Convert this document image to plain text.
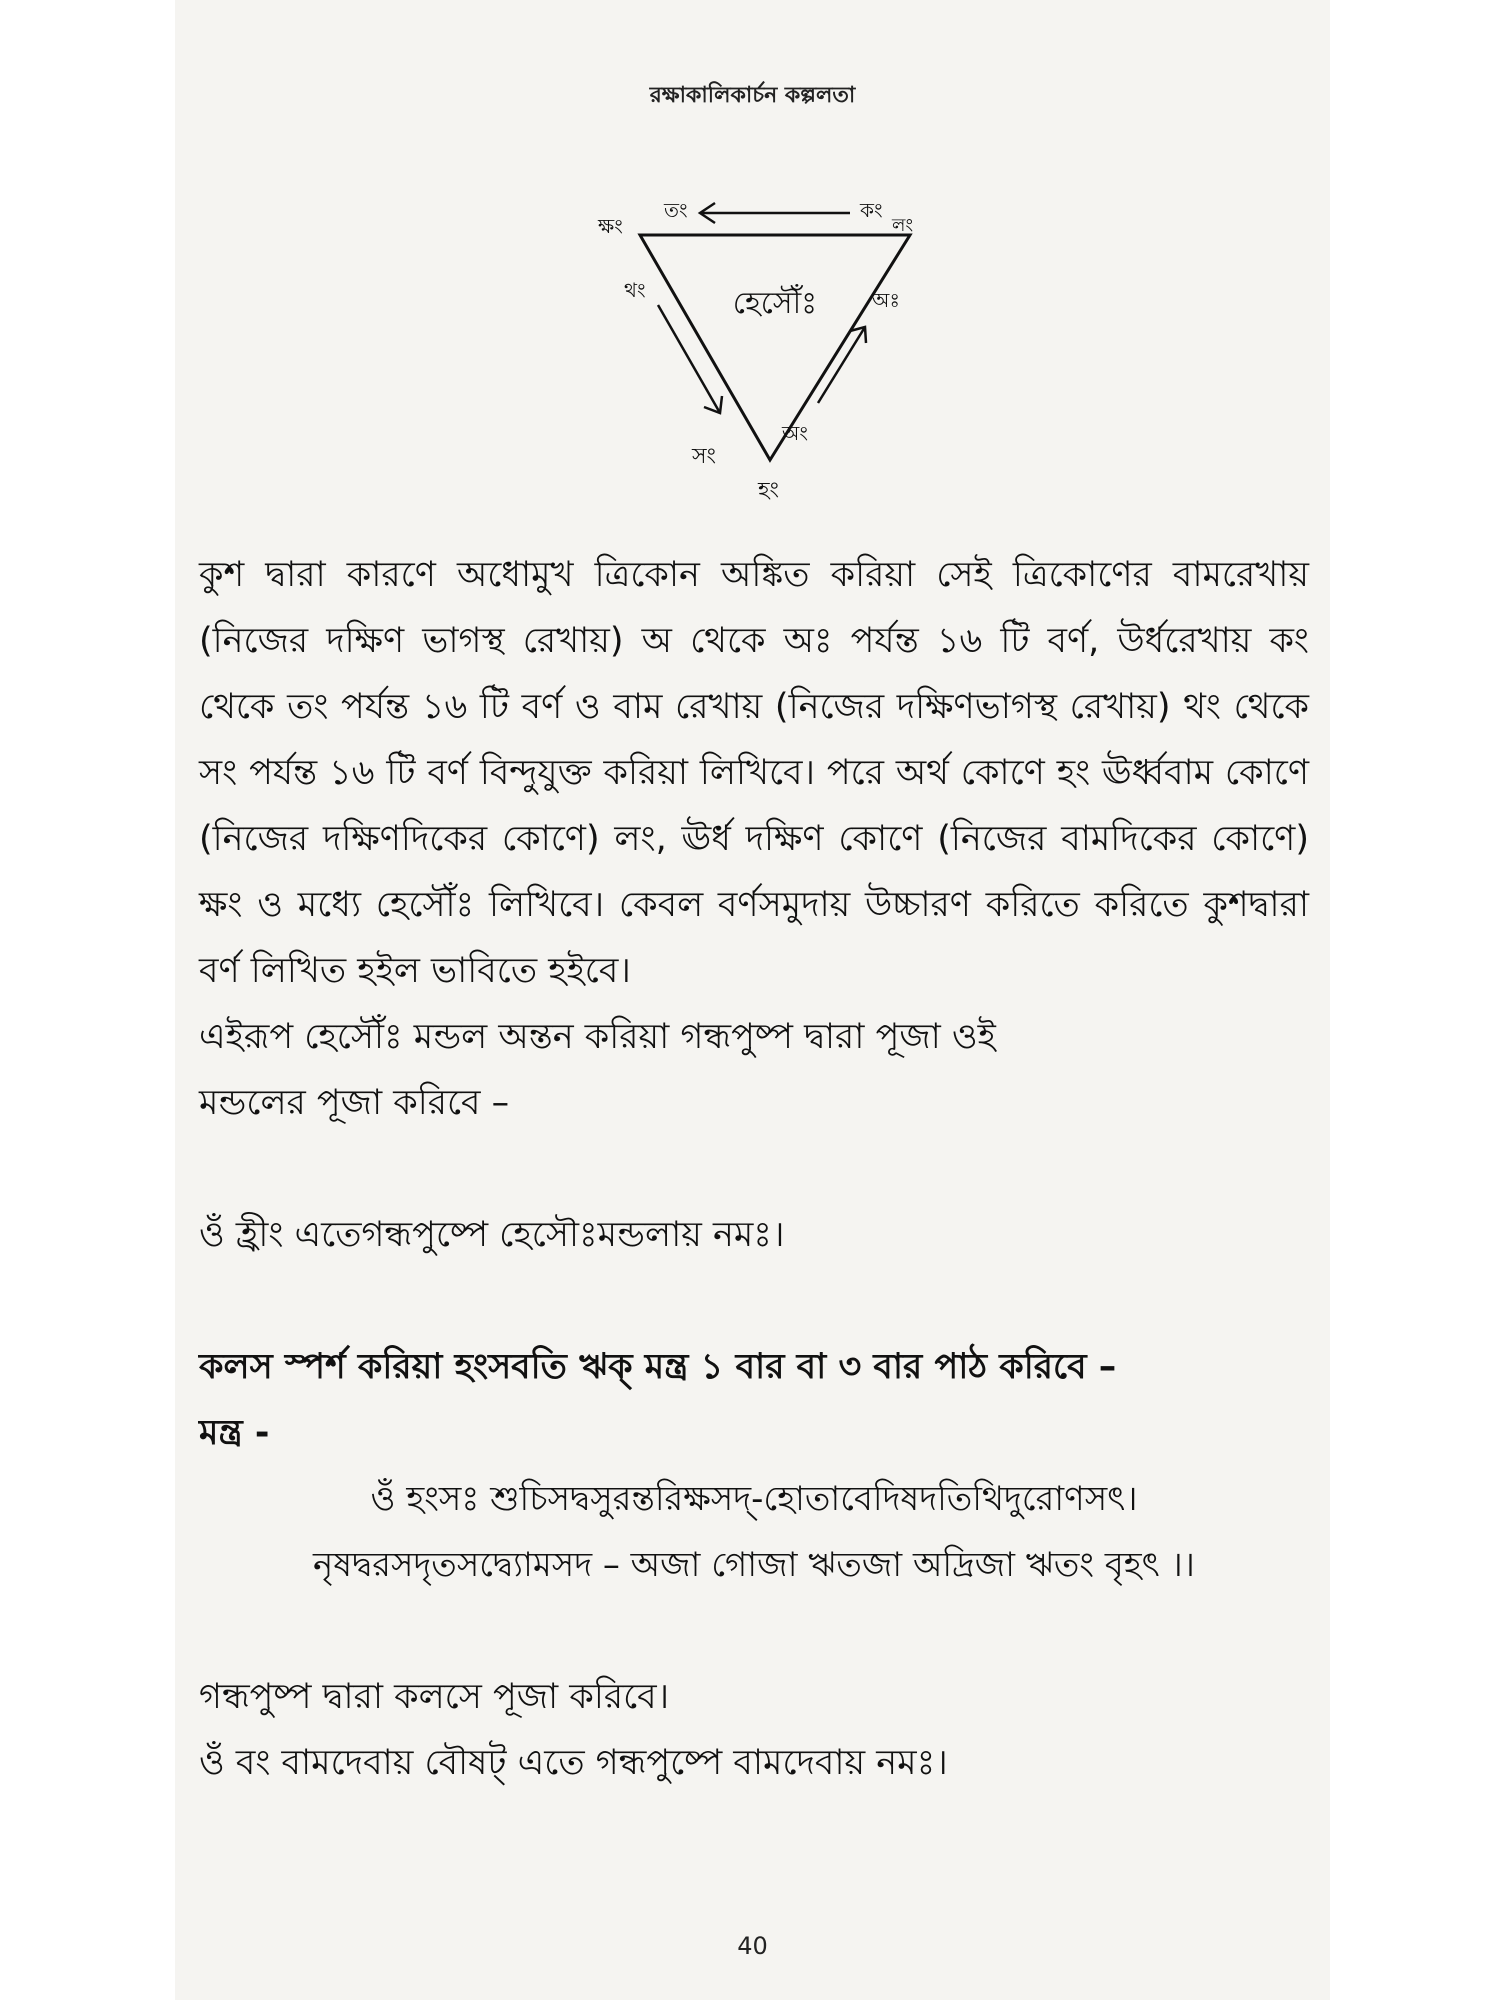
রক্ষাকালিকার্চন কল্পলতা
হেসৌঁঃ
ক্ষং
তং	কং
লং
থং
সং
হং
অং
অঃ

কুশ দ্বারা কারণে অধোমুখ ত্রিকোন অঙ্কিত করিয়া সেই ত্রিকোণের বামরেখায় (নিজের দক্ষিণ ভাগস্থ রেখায়) অ থেকে অঃ পর্যন্ত ১৬ টি বর্ণ, উর্ধরেখায় কং থেকে তং পর্যন্ত ১৬ টি বর্ণ ও বাম রেখায় (নিজের দক্ষিণভাগস্থ রেখায়) থং থেকে সং পর্যন্ত ১৬ টি বর্ণ বিন্দুযুক্ত করিয়া লিখিবে। পরে অর্থ কোণে হং ঊর্ধ্ববাম কোণে (নিজের দক্ষিণদিকের কোণে) লং, ঊর্ধ দক্ষিণ কোণে (নিজের বামদিকের কোণে) ক্ষং ও মধ্যে হেসৌঁঃ লিখিবে। কেবল বর্ণসমুদায় উচ্চারণ করিতে করিতে কুশদ্বারা বর্ণ লিখিত হইল ভাবিতে হইবে।

এইরূপ হেসৌঁঃ মন্ডল অন্তন করিয়া গন্ধপুষ্প দ্বারা পূজা ওই

মন্ডলের পূজা করিবে –

ওঁ হ্রীং এতেগন্ধপুষ্পে হেসৌঃমন্ডলায় নমঃ।

কলস স্পর্শ করিয়া হংসবতি ঋক্ মন্ত্র ১ বার বা ৩ বার পাঠ করিবে –

মন্ত্র -

ওঁ হংসঃ শুচিসদ্বসুরন্তরিক্ষসদ্-হোতাবেদিষদতিথিদুরোণসৎ।

নৃষদ্বরসদৃতসদ্ব্যোমসদ – অজা গোজা ঋতজা অদ্রিজা ঋতং বৃহৎ ।।

গন্ধপুষ্প দ্বারা কলসে পূজা করিবে।

ওঁ বং বামদেবায় বৌষট্ এতে গন্ধপুষ্পে বামদেবায় নমঃ।

40
